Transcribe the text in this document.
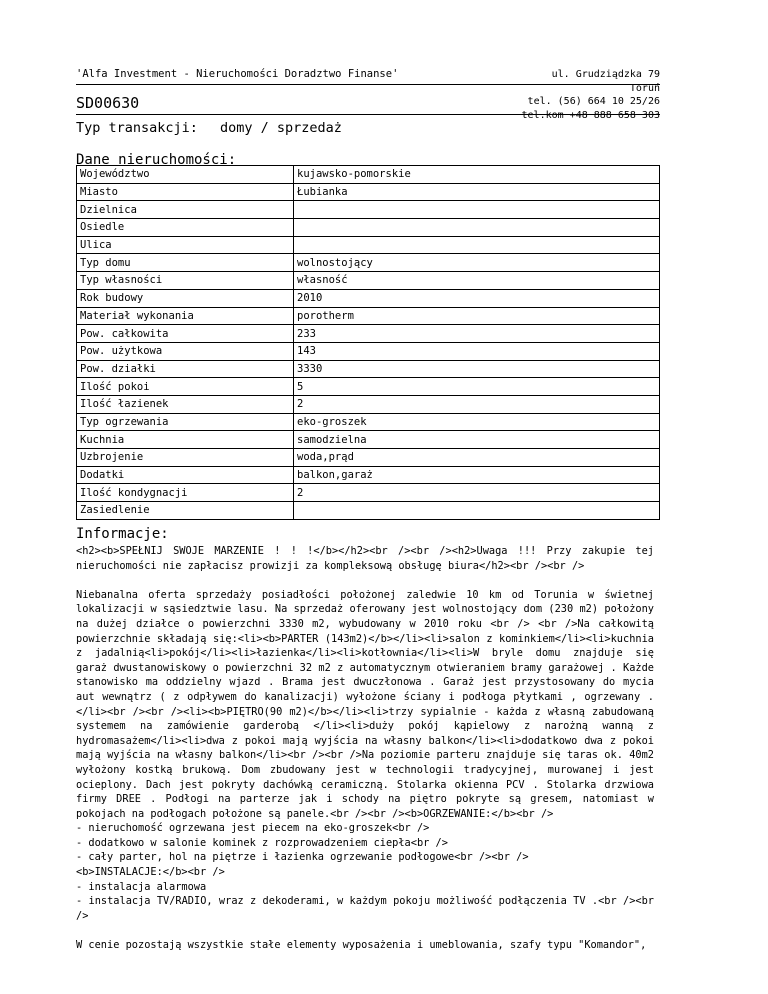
'Alfa Investment - Nieruchomości Doradztwo Finanse'	ul. Grudziądzka 79
Toruń
tel. (56) 664 10 25/26
tel.kom +48 888 658 303
SD00630
Typ transakcji: domy / sprzedaż
Dane nieruchomości:
Województwo	kujawsko-pomorskie
Miasto	Łubianka
Dzielnica	
Osiedle	
Ulica	
Typ domu	wolnostojący
Typ własności	własność
Rok budowy	2010
Materiał wykonania	porotherm
Pow. całkowita	233
Pow. użytkowa	143
Pow. działki	3330
Ilość pokoi	5
Ilość łazienek	2
Typ ogrzewania	eko-groszek
Kuchnia	samodzielna
Uzbrojenie	woda,prąd
Dodatki	balkon,garaż
Ilość kondygnacji	2
Zasiedlenie	
Informacje:
<h2><b>SPEŁNIJ SWOJE MARZENIE ! ! !</b></h2><br /><br /><h2>Uwaga !!! Przy zakupie tej nieruchomości nie zapłacisz prowizji za kompleksową obsługę biura</h2><br /><br />

Niebanalna oferta sprzedaży posiadłości położonej zaledwie 10 km od Torunia w świetnej lokalizacji w sąsiedztwie lasu. Na sprzedaż oferowany jest wolnostojący dom (230 m2) położony na dużej działce o powierzchni 3330 m2, wybudowany w 2010 roku <br /> <br />Na całkowitą powierzchnie składają się:<li><b>PARTER (143m2)</b></li><li>salon z kominkiem</li><li>kuchnia z jadalnią<li>pokój</li><li>łazienka</li><li>kotłownia</li><li>W bryle domu znajduje się garaż dwustanowiskowy o powierzchni 32 m2 z automatycznym otwieraniem bramy garażowej . Każde stanowisko ma oddzielny wjazd . Brama jest dwuczłonowa . Garaż jest przystosowany do mycia aut wewnątrz ( z odpływem do kanalizacji) wyłożone ściany i podłoga płytkami , ogrzewany .</li><br /><br /><li><b>PIĘTRO(90 m2)</b></li><li>trzy sypialnie - każda z własną zabudowaną systemem na zamówienie garderobą </li><li>duży pokój kąpielowy z narożną wanną z hydromasażem</li><li>dwa z pokoi mają wyjścia na własny balkon</li><li>dodatkowo dwa z pokoi mają wyjścia na własny balkon</li><br /><br />Na poziomie parteru znajduje się taras ok. 40m2 wyłożony kostką brukową. Dom zbudowany jest w technologii tradycyjnej, murowanej i jest ocieplony. Dach jest pokryty dachówką ceramiczną. Stolarka okienna PCV . Stolarka drzwiowa firmy DREE . Podłogi na parterze jak i schody na piętro pokryte są gresem, natomiast w pokojach na podłogach położone są panele.<br /><br /><b>OGRZEWANIE:</b><br />
- nieruchomość ogrzewana jest piecem na eko-groszek<br />
- dodatkowo w salonie kominek z rozprowadzeniem ciepła<br />
- cały parter, hol na piętrze i łazienka ogrzewanie podłogowe<br /><br />
<b>INSTALACJE:</b><br />
- instalacja alarmowa
- instalacja TV/RADIO, wraz z dekoderami, w każdym pokoju możliwość podłączenia TV .<br /><br />

W cenie pozostają wszystkie stałe elementy wyposażenia i umeblowania, szafy typu "Komandor",
